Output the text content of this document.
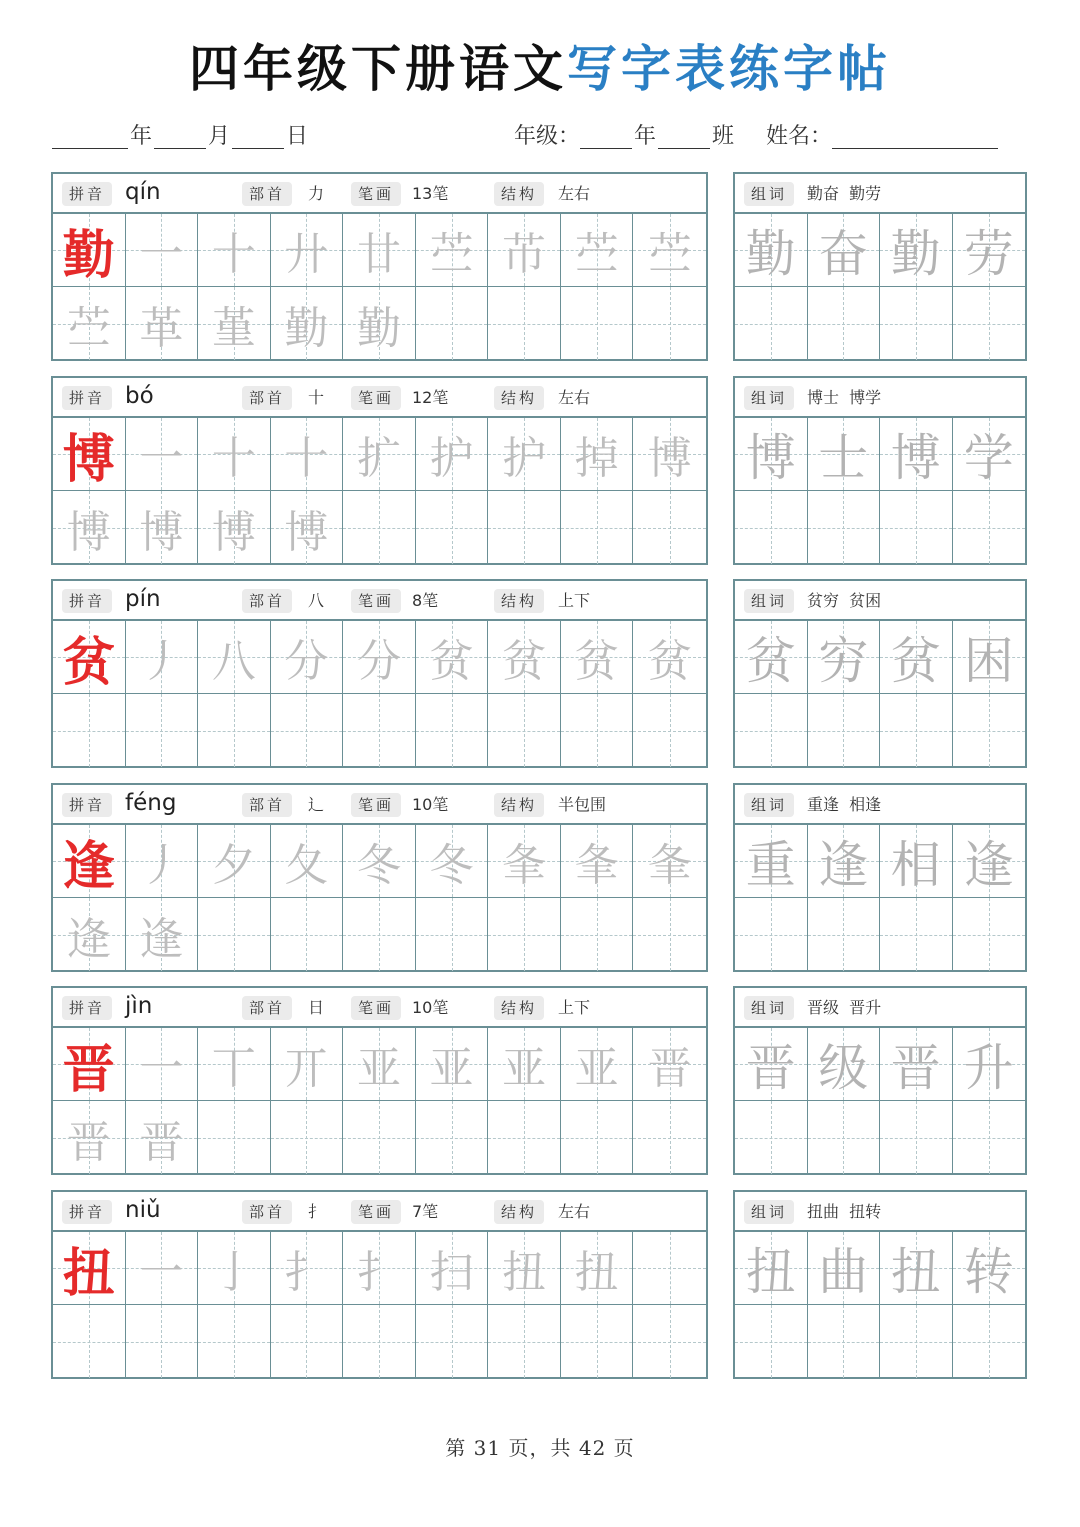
四年级下册语文写字表练字帖
年	月	日	年级： 年	班 姓名：
拼音 qín	部首	力	笔画	13笔	结构	左右
勤 一 十 廾 廿 苎 芇 苎 苎
苎 革 堇 勤 勤
组词	勤奋  勤劳
勤 奋 勤 劳
拼音 bó	部首	十	笔画	12笔	结构	左右
博 一 十 十 扩 护 护 掉 博
博 博 博 博
组词	博士  博学
博 士 博 学
拼音 pín	部首	八	笔画	8笔	结构	上下
贫 丿 八 分 分 贫 贫 贫 贫
组词	贫穷  贫困
贫 穷 贫 困
拼音 féng	部首	辶	笔画	10笔	结构	半包围
逢 丿 夕 夂 冬 冬 夆 夆 夆
逄 逢
组词	重逢  相逢
重 逢 相 逢
拼音 jìn	部首	日	笔画	10笔	结构	上下
晋 一 丅 丌 亚 亚 亚 亚 晋
晋 晋
组词	晋级  晋升
晋 级 晋 升
拼音 niǔ	部首	扌	笔画	7笔	结构	左右
扭 一 亅 扌 扌 扫 扭 扭
组词	扭曲  扭转
扭 曲 扭 转
第 31 页，共 42 页
